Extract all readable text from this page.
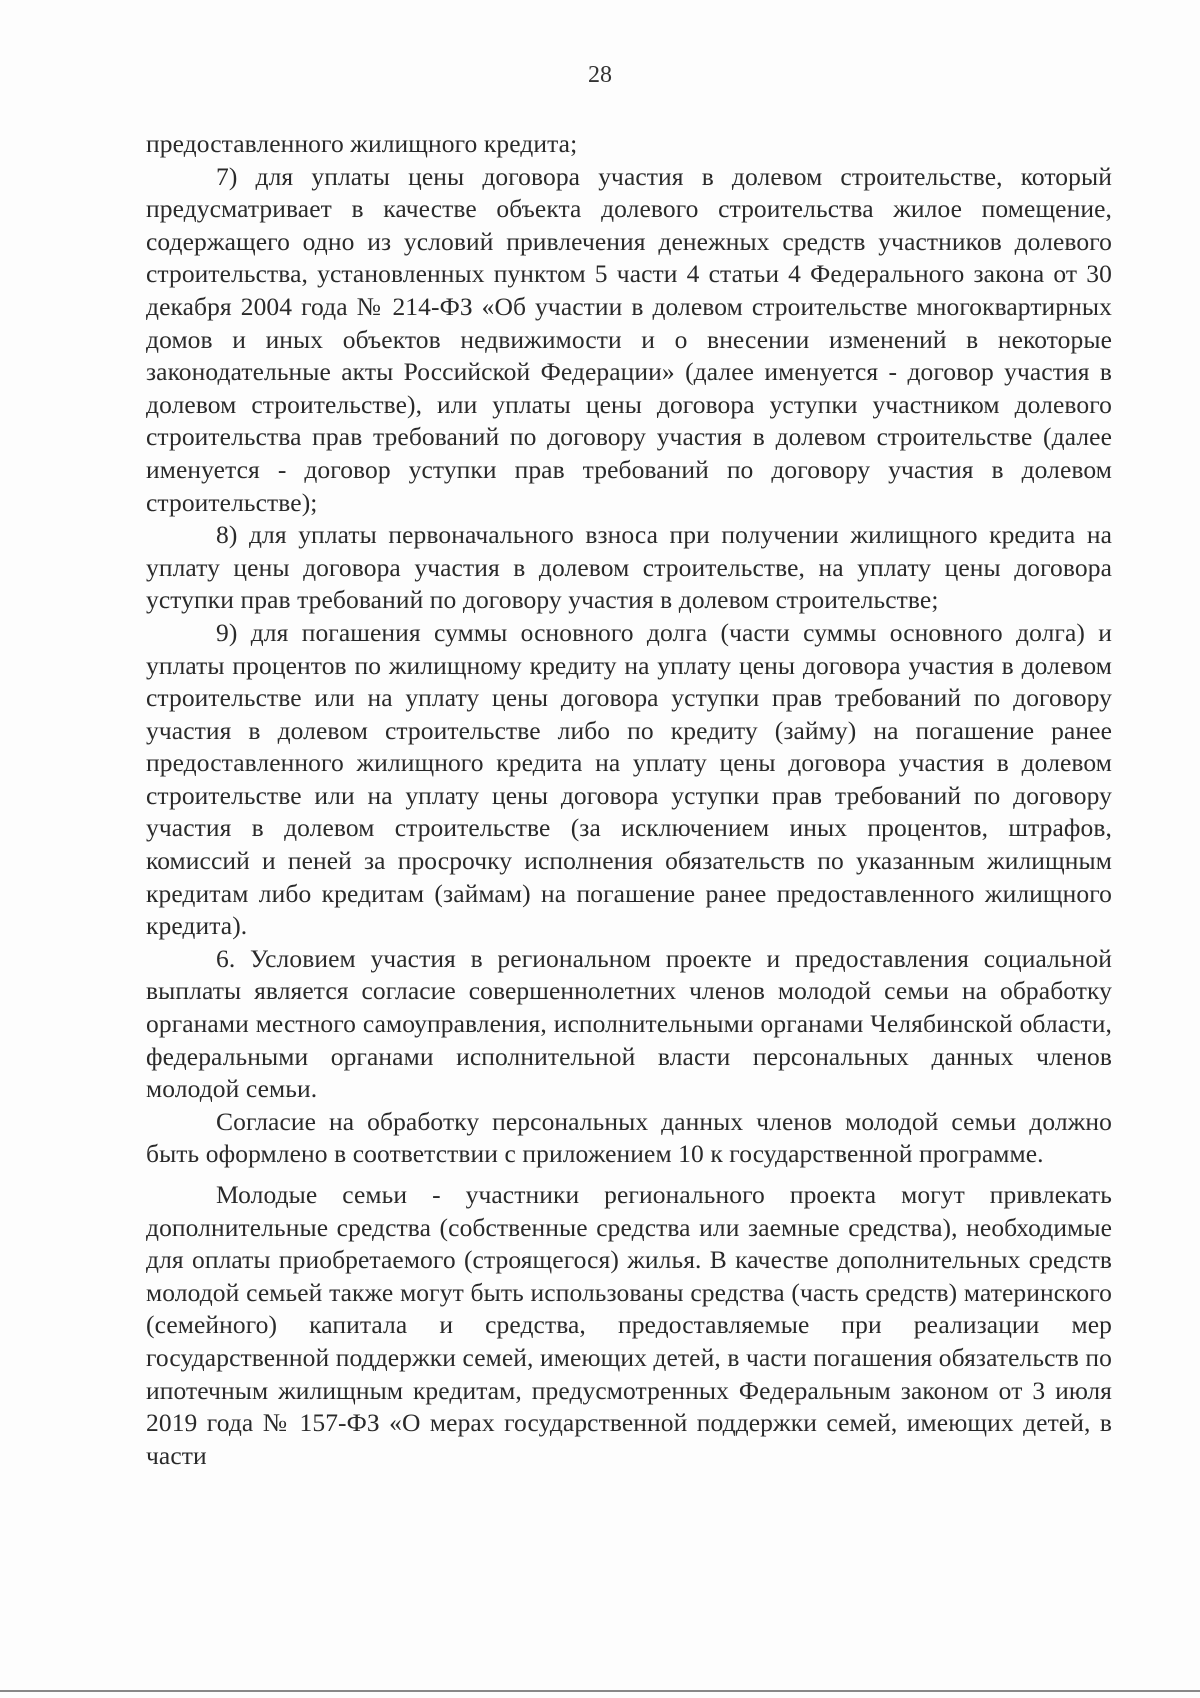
28

предоставленного жилищного кредита;

7) для уплаты цены договора участия в долевом строительстве, который предусматривает в качестве объекта долевого строительства жилое помещение, содержащего одно из условий привлечения денежных средств участников долевого строительства, установленных пунктом 5 части 4 статьи 4 Федерального закона от 30 декабря 2004 года № 214-ФЗ «Об участии в долевом строительстве многоквартирных домов и иных объектов недвижимости и о внесении изменений в некоторые законодательные акты Российской Федерации» (далее именуется - договор участия в долевом строительстве), или уплаты цены договора уступки участником долевого строительства прав требований по договору участия в долевом строительстве (далее именуется - договор уступки прав требований по договору участия в долевом строительстве);

8) для уплаты первоначального взноса при получении жилищного кредита на уплату цены договора участия в долевом строительстве, на уплату цены договора уступки прав требований по договору участия в долевом строительстве;

9) для погашения суммы основного долга (части суммы основного долга) и уплаты процентов по жилищному кредиту на уплату цены договора участия в долевом строительстве или на уплату цены договора уступки прав требований по договору участия в долевом строительстве либо по кредиту (займу) на погашение ранее предоставленного жилищного кредита на уплату цены договора участия в долевом строительстве или на уплату цены договора уступки прав требований по договору участия в долевом строительстве (за исключением иных процентов, штрафов, комиссий и пеней за просрочку исполнения обязательств по указанным жилищным кредитам либо кредитам (займам) на погашение ранее предоставленного жилищного кредита).

6. Условием участия в региональном проекте и предоставления социальной выплаты является согласие совершеннолетних членов молодой семьи на обработку органами местного самоуправления, исполнительными органами Челябинской области, федеральными органами исполнительной власти персональных данных членов молодой семьи.

Согласие на обработку персональных данных членов молодой семьи должно быть оформлено в соответствии с приложением 10 к государственной программе.

Молодые семьи - участники регионального проекта могут привлекать дополнительные средства (собственные средства или заемные средства), необходимые для оплаты приобретаемого (строящегося) жилья. В качестве дополнительных средств молодой семьей также могут быть использованы средства (часть средств) материнского (семейного) капитала и средства, предоставляемые при реализации мер государственной поддержки семей, имеющих детей, в части погашения обязательств по ипотечным жилищным кредитам, предусмотренных Федеральным законом от 3 июля 2019 года № 157-ФЗ «О мерах государственной поддержки семей, имеющих детей, в части
